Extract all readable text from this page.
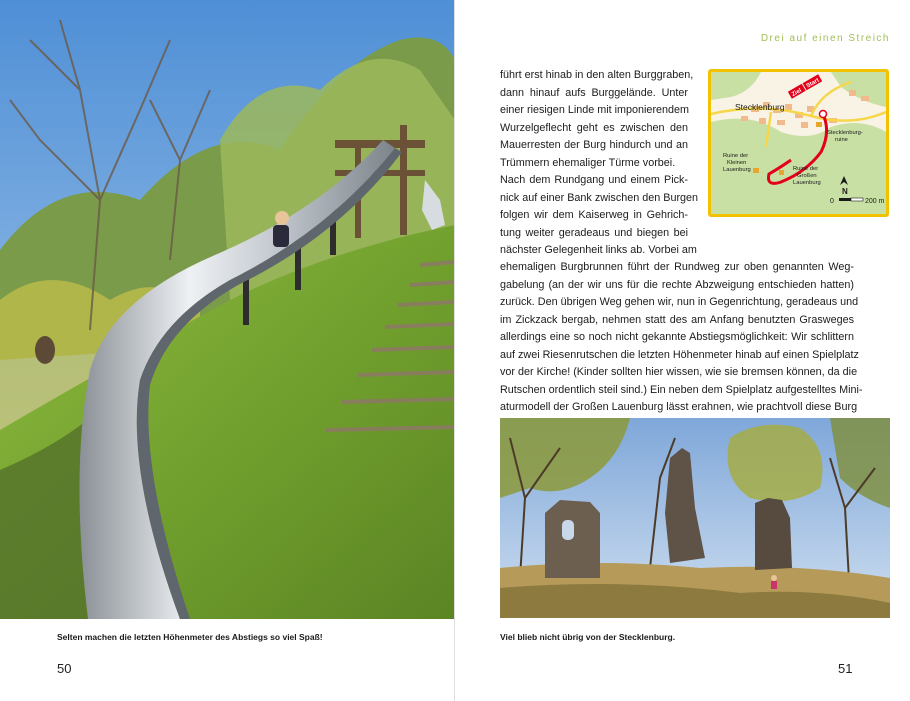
Selten machen die letzten Höhenmeter des Abstiegs so viel Spaß!
50
Drei auf einen Streich
führt erst hinab in den alten Burggraben,
dann hinauf aufs Burggelände. Unter
einer riesigen Linde mit imponierendem
Wurzelgeflecht geht es zwischen den
Mauerresten der Burg hindurch und an
Trümmern ehemaliger Türme vorbei.
Nach dem Rundgang und einem Pick-
nick auf einer Bank zwischen den Burgen
folgen wir dem Kaiserweg in Gehrich-
tung weiter geradeaus und biegen bei
nächster Gelegenheit links ab. Vorbei am
ehemaligen Burgbrunnen führt der Rundweg zur oben genannten Weg-
gabelung (an der wir uns für die rechte Abzweigung entschieden hatten)
zurück. Den übrigen Weg gehen wir, nun in Gegenrichtung, geradeaus und
im Zickzack bergab, nehmen statt des am Anfang benutzten Grasweges
allerdings eine so noch nicht gekannte Abstiegsmöglichkeit: Wir schlittern
auf zwei Riesenrutschen die letzten Höhenmeter hinab auf einen Spielplatz
vor der Kirche! (Kinder sollten hier wissen, wie sie bremsen können, da die
Rutschen ordentlich steil sind.) Ein neben dem Spielplatz aufgestelltes Mini-
aturmodell der Großen Lauenburg lässt erahnen, wie prachtvoll diese Burg
Stecklenburg
Ziel
Start
Stecklenburg- ruine
Ruine der Kleinen Lauenburg	Ruine der Großen Lauenburg
N
0	200 m
Viel blieb nicht übrig von der Stecklenburg.
51
